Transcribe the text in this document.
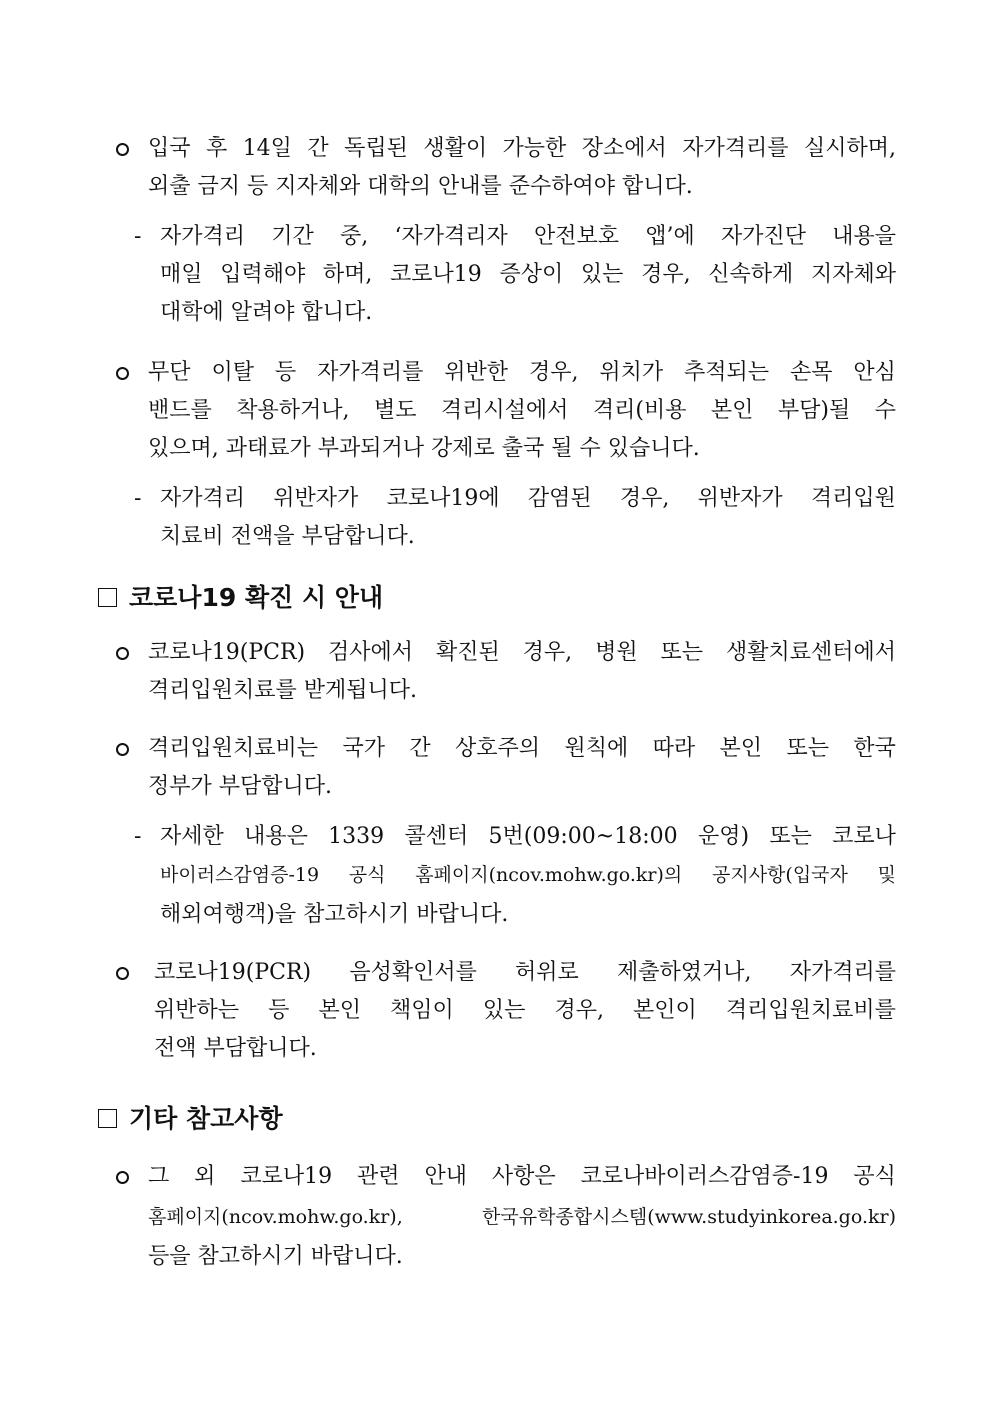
입국 후 14일 간 독립된 생활이 가능한 장소에서 자가격리를 실시하며,
외출 금지 등 지자체와 대학의 안내를 준수하여야 합니다.
- 자가격리 기간 중, ‘자가격리자 안전보호 앱’에 자가진단 내용을
매일 입력해야 하며, 코로나19 증상이 있는 경우, 신속하게 지자체와
대학에 알려야 합니다.
무단 이탈 등 자가격리를 위반한 경우, 위치가 추적되는 손목 안심
밴드를 착용하거나, 별도 격리시설에서 격리(비용 본인 부담)될 수
있으며, 과태료가 부과되거나 강제로 출국 될 수 있습니다.
- 자가격리 위반자가 코로나19에 감염된 경우, 위반자가 격리입원
치료비 전액을 부담합니다.
코로나19 확진 시 안내
코로나19(PCR) 검사에서 확진된 경우, 병원 또는 생활치료센터에서
격리입원치료를 받게됩니다.
격리입원치료비는 국가 간 상호주의 원칙에 따라 본인 또는 한국
정부가 부담합니다.
- 자세한 내용은 1339 콜센터 5번(09:00~18:00 운영) 또는 코로나
바이러스감염증-19 공식 홈페이지(ncov.mohw.go.kr)의 공지사항(입국자 및
해외여행객)을 참고하시기 바랍니다.
코로나19(PCR) 음성확인서를 허위로 제출하였거나, 자가격리를
위반하는 등 본인 책임이 있는 경우, 본인이 격리입원치료비를
전액 부담합니다.
기타 참고사항
그 외 코로나19 관련 안내 사항은 코로나바이러스감염증-19 공식
홈페이지(ncov.mohw.go.kr),	한국유학종합시스템(www.studyinkorea.go.kr)
등을 참고하시기 바랍니다.
